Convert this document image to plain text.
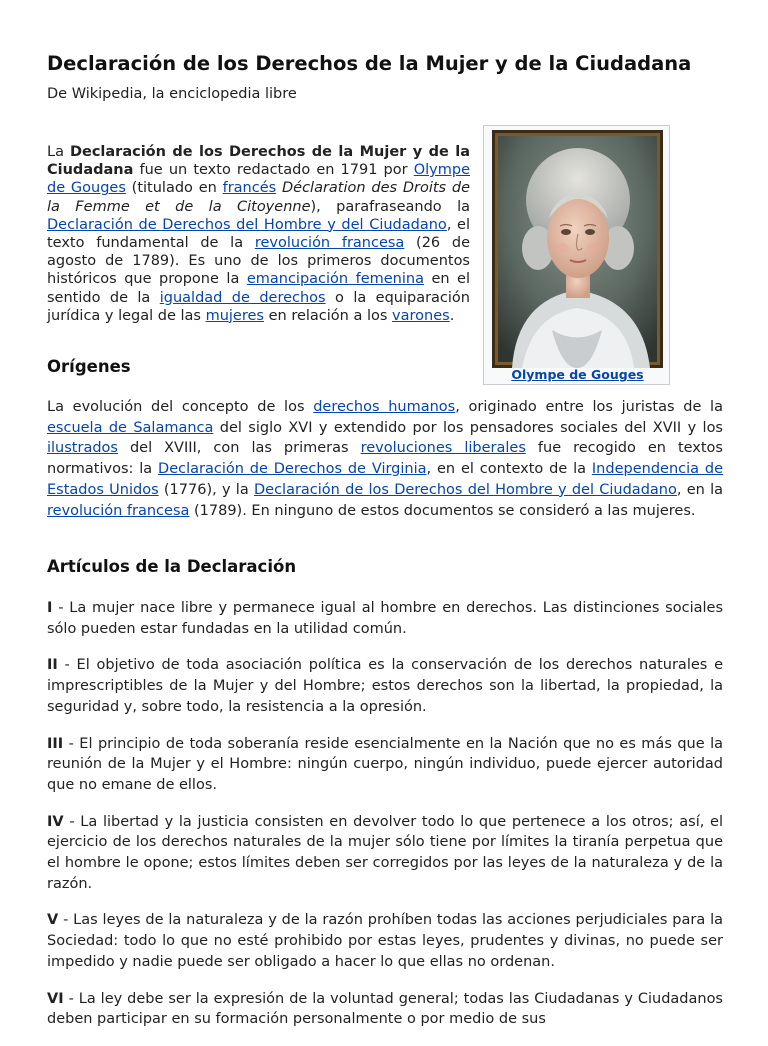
Declaración de los Derechos de la Mujer y de la Ciudadana
De Wikipedia, la enciclopedia libre

La Declaración de los Derechos de la Mujer y de la Ciudadana fue un texto redactado en 1791 por Olympe de Gouges (titulado en francés Déclaration des Droits de la Femme et de la Citoyenne), parafraseando la Declaración de Derechos del Hombre y del Ciudadano, el texto fundamental de la revolución francesa (26 de agosto de 1789). Es uno de los primeros documentos históricos que propone la emancipación femenina en el sentido de la igualdad de derechos o la equiparación jurídica y legal de las mujeres en relación a los varones.

Orígenes

La evolución del concepto de los derechos humanos, originado entre los juristas de la escuela de Salamanca del siglo XVI y extendido por los pensadores sociales del XVII y los ilustrados del XVIII, con las primeras revoluciones liberales fue recogido en textos normativos: la Declaración de Derechos de Virginia, en el contexto de la Independencia de Estados Unidos (1776), y la Declaración de los Derechos del Hombre y del Ciudadano, en la revolución francesa (1789). En ninguno de estos documentos se consideró a las mujeres.

Artículos de la Declaración

I - La mujer nace libre y permanece igual al hombre en derechos. Las distinciones sociales sólo pueden estar fundadas en la utilidad común.

II - El objetivo de toda asociación política es la conservación de los derechos naturales e imprescriptibles de la Mujer y del Hombre; estos derechos son la libertad, la propiedad, la seguridad y, sobre todo, la resistencia a la opresión.

III - El principio de toda soberanía reside esencialmente en la Nación que no es más que la reunión de la Mujer y el Hombre: ningún cuerpo, ningún individuo, puede ejercer autoridad que no emane de ellos.

IV - La libertad y la justicia consisten en devolver todo lo que pertenece a los otros; así, el ejercicio de los derechos naturales de la mujer sólo tiene por límites la tiranía perpetua que el hombre le opone; estos límites deben ser corregidos por las leyes de la naturaleza y de la razón.

V - Las leyes de la naturaleza y de la razón prohíben todas las acciones perjudiciales para la Sociedad: todo lo que no esté prohibido por estas leyes, prudentes y divinas, no puede ser impedido y nadie puede ser obligado a hacer lo que ellas no ordenan.

VI - La ley debe ser la expresión de la voluntad general; todas las Ciudadanas y Ciudadanos deben participar en su formación personalmente o por medio de sus

Olympe de Gouges
